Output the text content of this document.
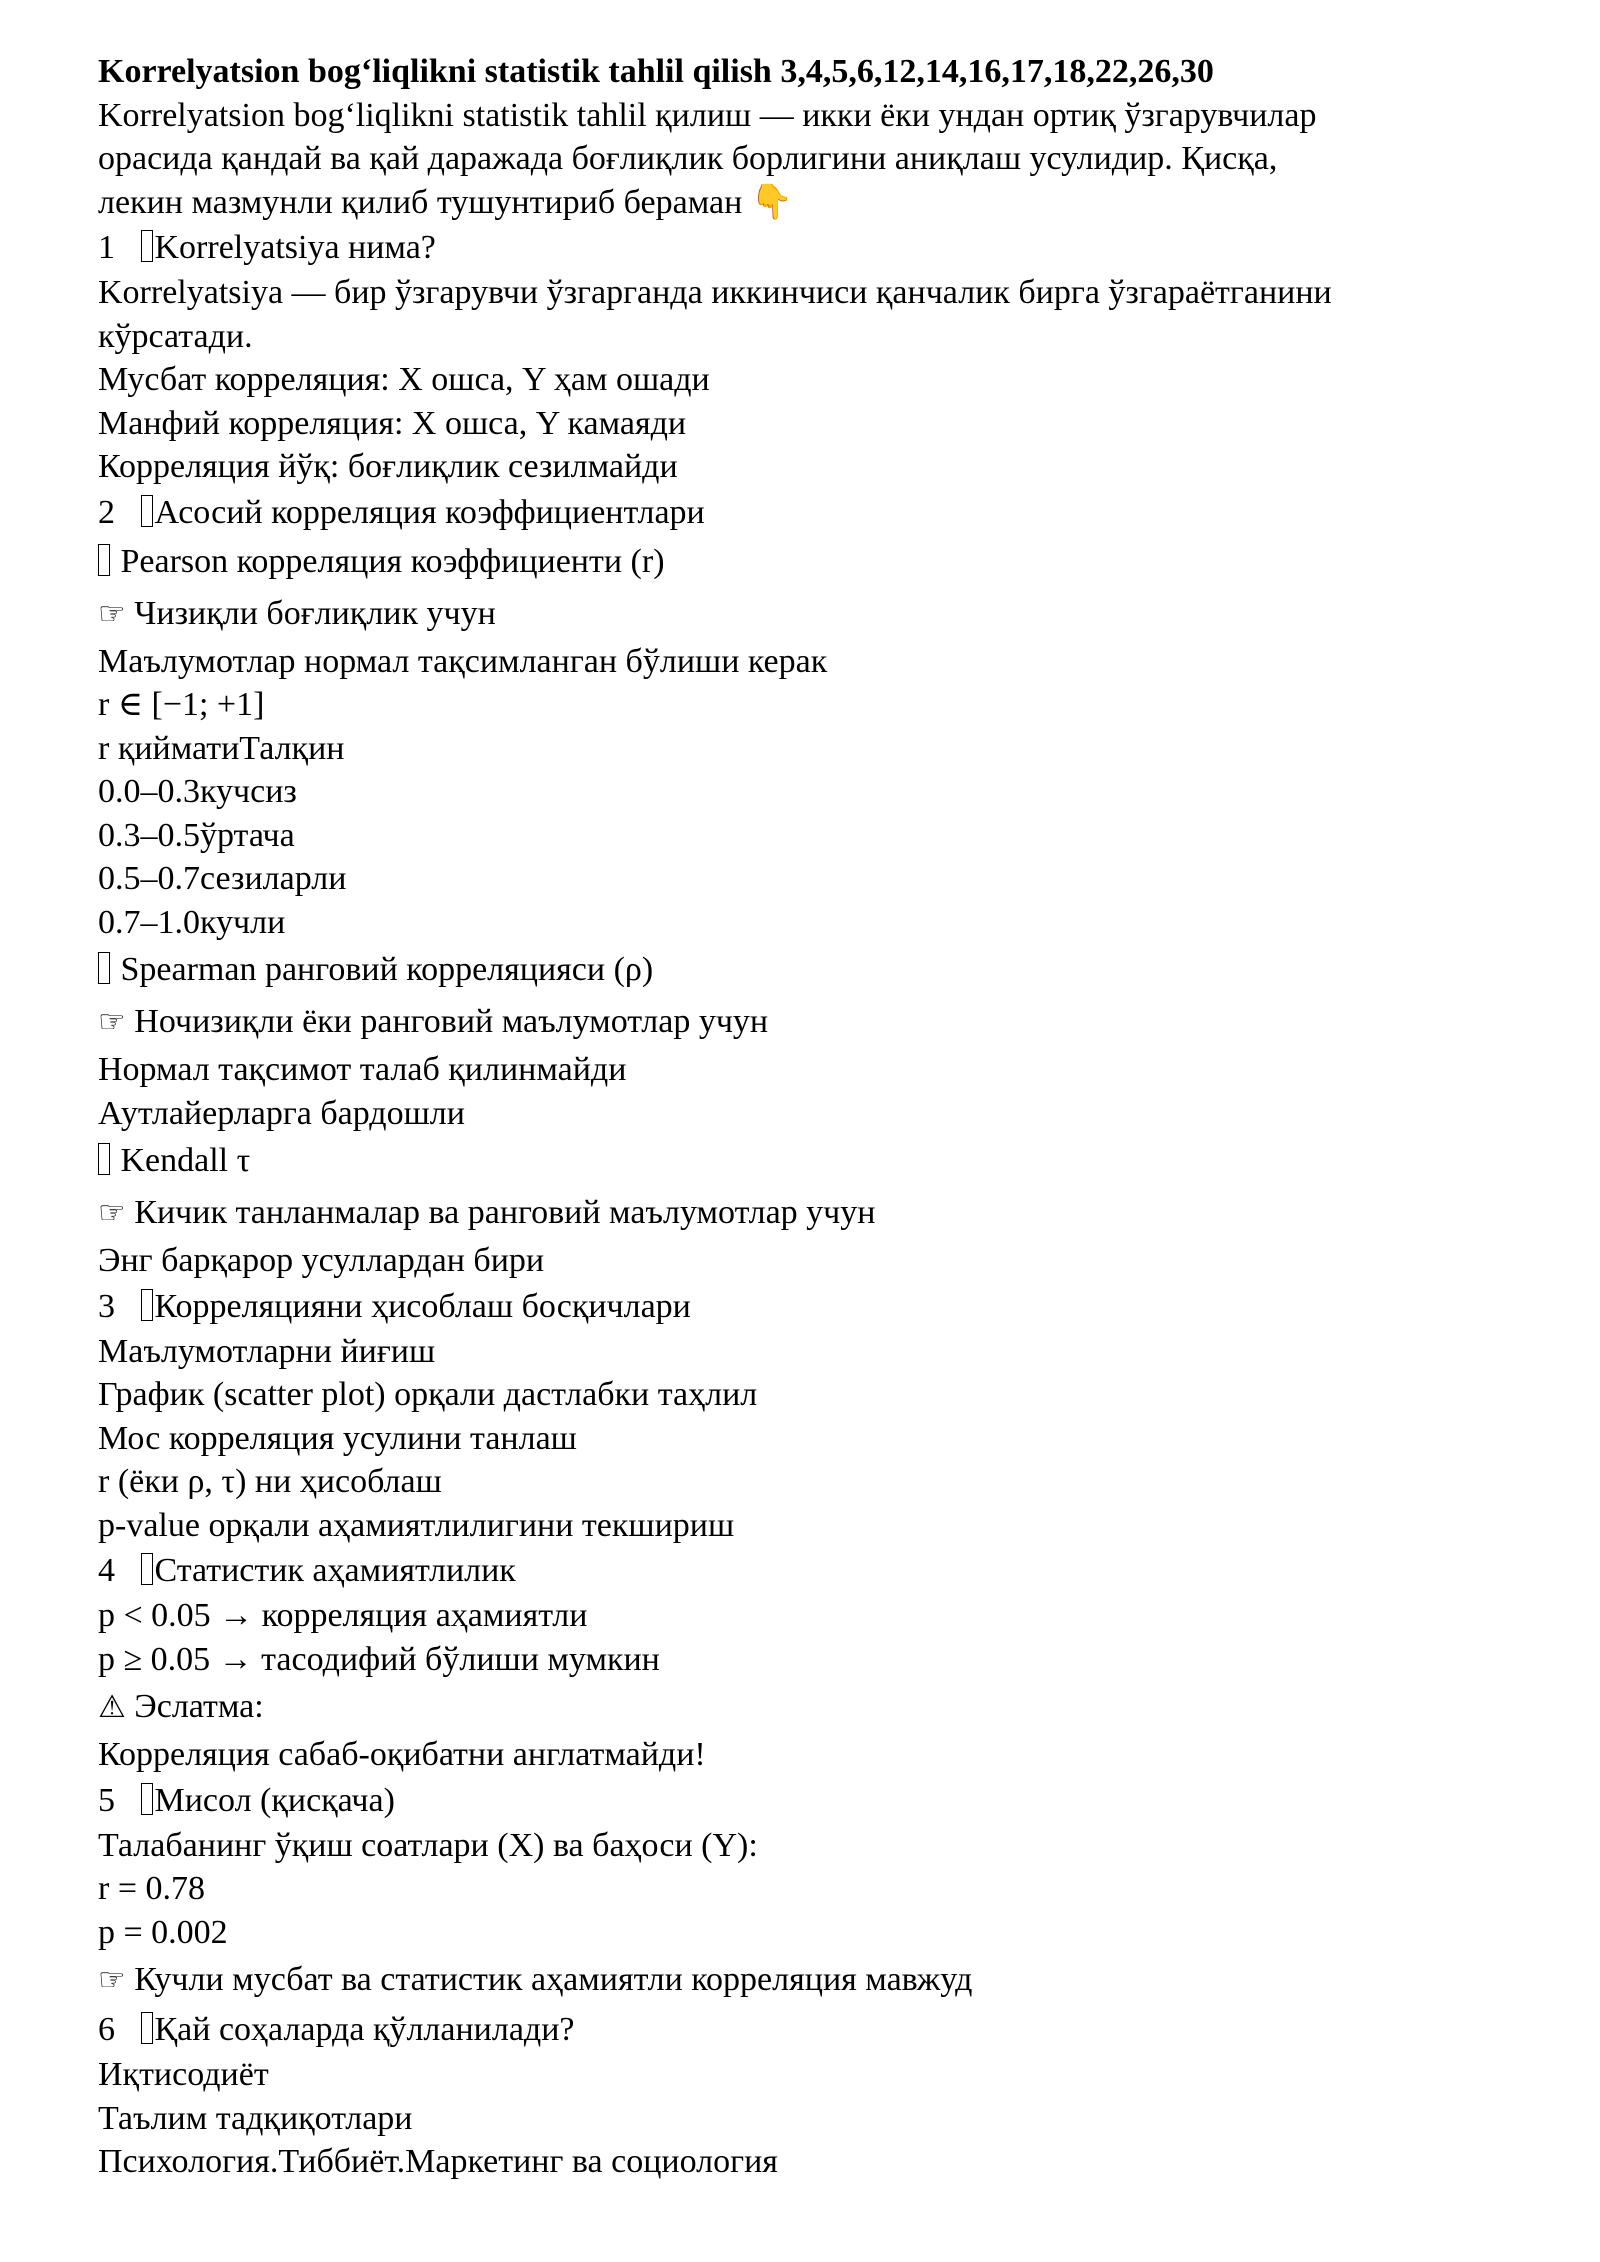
Korrelyatsion bog‘liqlikni statistik tahlil qilish 3,4,5,6,12,14,16,17,18,22,26,30
Korrelyatsion bog‘liqlikni statistik tahlil қилиш — икки ёки ундан ортиқ ўзгарувчилар
орасида қандай ва қай даражада боғлиқлик борлигини аниқлаш усулидир. Қисқа,
лекин мазмунли қилиб тушунтириб бераман 👇
1   Korrelyatsiya нима?
Korrelyatsiya — бир ўзгарувчи ўзгарганда иккинчиси қанчалик бирга ўзгараётганини
кўрсатади.
Мусбат корреляция: X ошса, Y ҳам ошади
Манфий корреляция: X ошса, Y камаяди
Корреляция йўқ: боғлиқлик сезилмайди
2   Асосий корреляция коэффициентлари
Pearson корреляция коэффициенти (r)
☞ Чизиқли боғлиқлик учун
Маълумотлар нормал тақсимланган бўлиши керак
r ∈ [−1; +1]
r қийматиТалқин
0.0–0.3кучсиз
0.3–0.5ўртача
0.5–0.7сезиларли
0.7–1.0кучли
Spearman ранговий корреляцияси (ρ)
☞ Ночизиқли ёки ранговий маълумотлар учун
Нормал тақсимот талаб қилинмайди
Аутлайерларга бардошли
Kendall τ
☞ Кичик танланмалар ва ранговий маълумотлар учун
Энг барқарор усуллардан бири
3   Корреляцияни ҳисоблаш босқичлари
Маълумотларни йиғиш
График (scatter plot) орқали дастлабки таҳлил
Мос корреляция усулини танлаш
r (ёки ρ, τ) ни ҳисоблаш
p-value орқали аҳамиятлилигини текшириш
4   Статистик аҳамиятлилик
p < 0.05 → корреляция аҳамиятли
p ≥ 0.05 → тасодифий бўлиши мумкин
⚠ Эслатма:
Корреляция сабаб-оқибатни англатмайди!
5   Мисол (қисқача)
Талабанинг ўқиш соатлари (X) ва баҳоси (Y):
r = 0.78
p = 0.002
☞ Кучли мусбат ва статистик аҳамиятли корреляция мавжуд
6   Қай соҳаларда қўлланилади?
Иқтисодиёт
Таълим тадқиқотлари
Психология.Тиббиёт.Маркетинг ва социология
